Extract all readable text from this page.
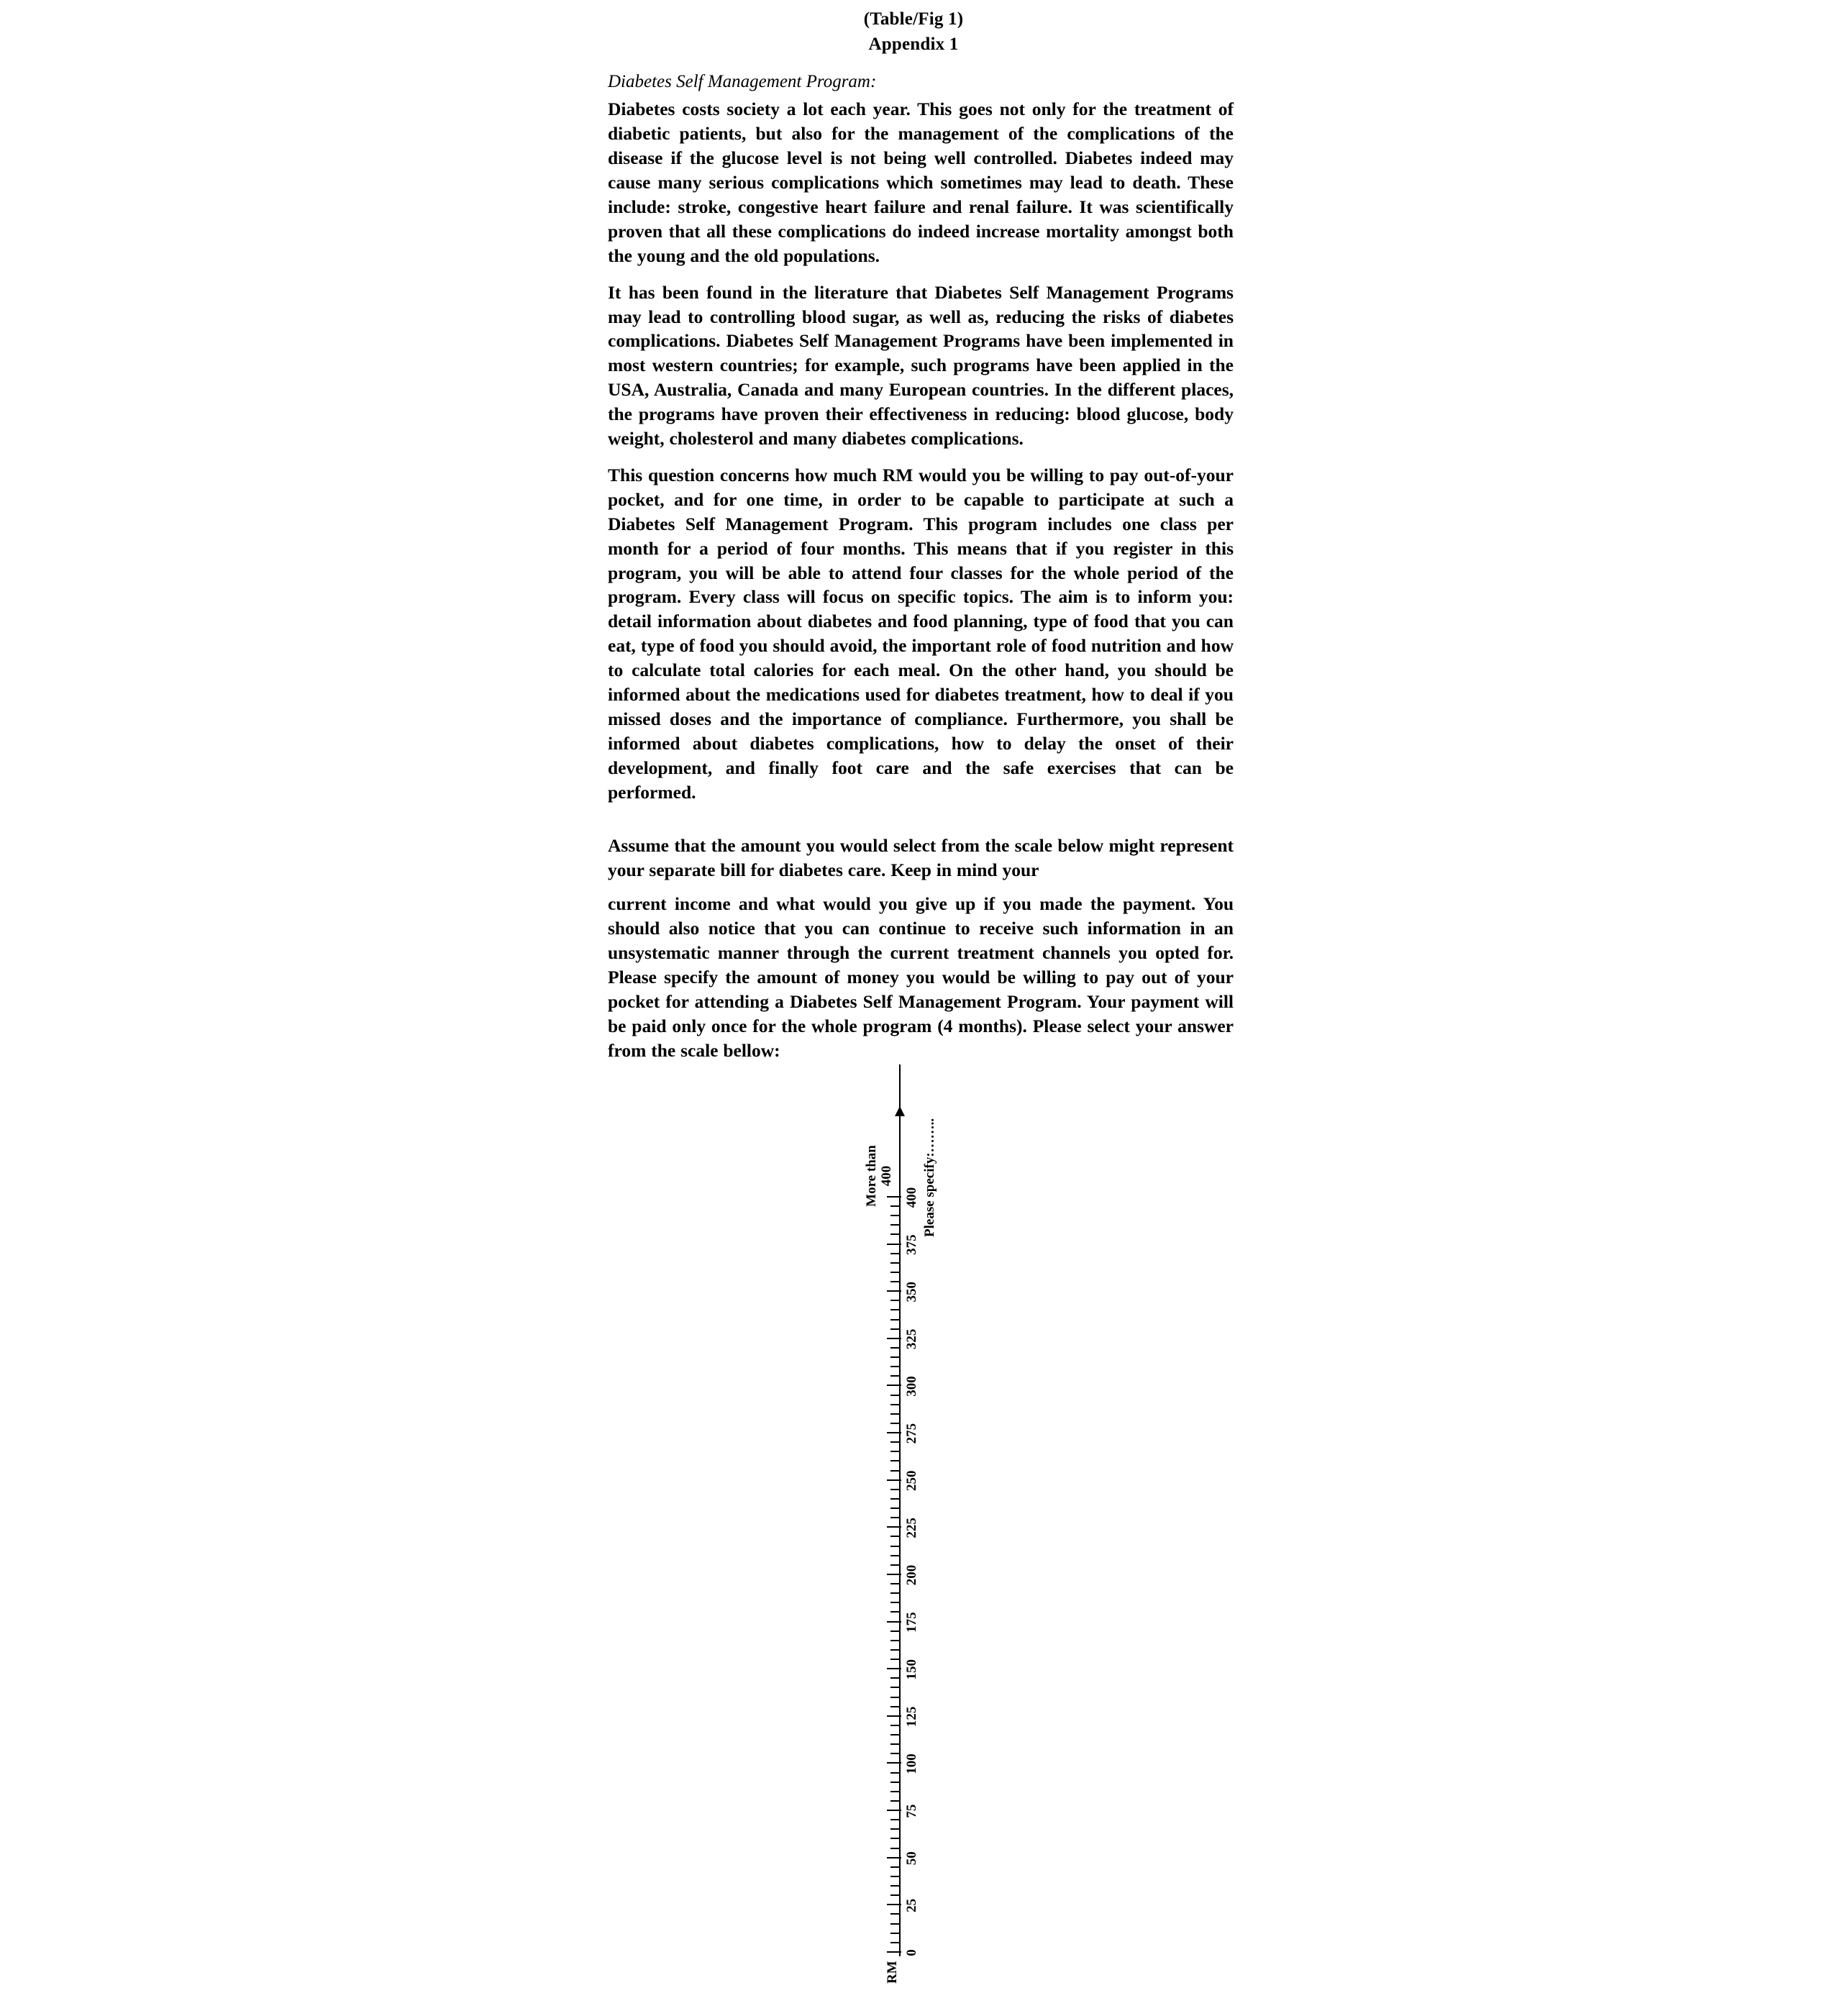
(Table/Fig 1)
Appendix 1
Diabetes Self Management Program:

Diabetes costs society a lot each year. This goes not only for the treatment of diabetic patients, but also for the management of the complications of the disease if the glucose level is not being well controlled. Diabetes indeed may cause many serious complications which sometimes may lead to death. These include: stroke, congestive heart failure and renal failure. It was scientifically proven that all these complications do indeed increase mortality amongst both the young and the old populations.

It has been found in the literature that Diabetes Self Management Programs may lead to controlling blood sugar, as well as, reducing the risks of diabetes complications. Diabetes Self Management Programs have been implemented in most western countries; for example, such programs have been applied in the USA, Australia, Canada and many European countries. In the different places, the programs have proven their effectiveness in reducing: blood glucose, body weight, cholesterol and many diabetes complications.

This question concerns how much RM would you be willing to pay out-of-your pocket, and for one time, in order to be capable to participate at such a Diabetes Self Management Program. This program includes one class per month for a period of four months. This means that if you register in this program, you will be able to attend four classes for the whole period of the program. Every class will focus on specific topics. The aim is to inform you: detail information about diabetes and food planning, type of food that you can eat, type of food you should avoid, the important role of food nutrition and how to calculate total calories for each meal. On the other hand, you should be informed about the medications used for diabetes treatment, how to deal if you missed doses and the importance of compliance. Furthermore, you shall be informed about diabetes complications, how to delay the onset of their development, and finally foot care and the safe exercises that can be performed.

Assume that the amount you would select from the scale below might represent your separate bill for diabetes care. Keep in mind your

current income and what would you give up if you made the payment. You should also notice that you can continue to receive such information in an unsystematic manner through the current treatment channels you opted for. Please specify the amount of money you would be willing to pay out of your pocket for attending a Diabetes Self Management Program. Your payment will be paid only once for the whole program (4 months). Please select your answer from the scale bellow:

RM
0
25
50
75
100
125
150
175
200
225
250
275
300
325
350
375
400
More than 400 Please specify:……..
